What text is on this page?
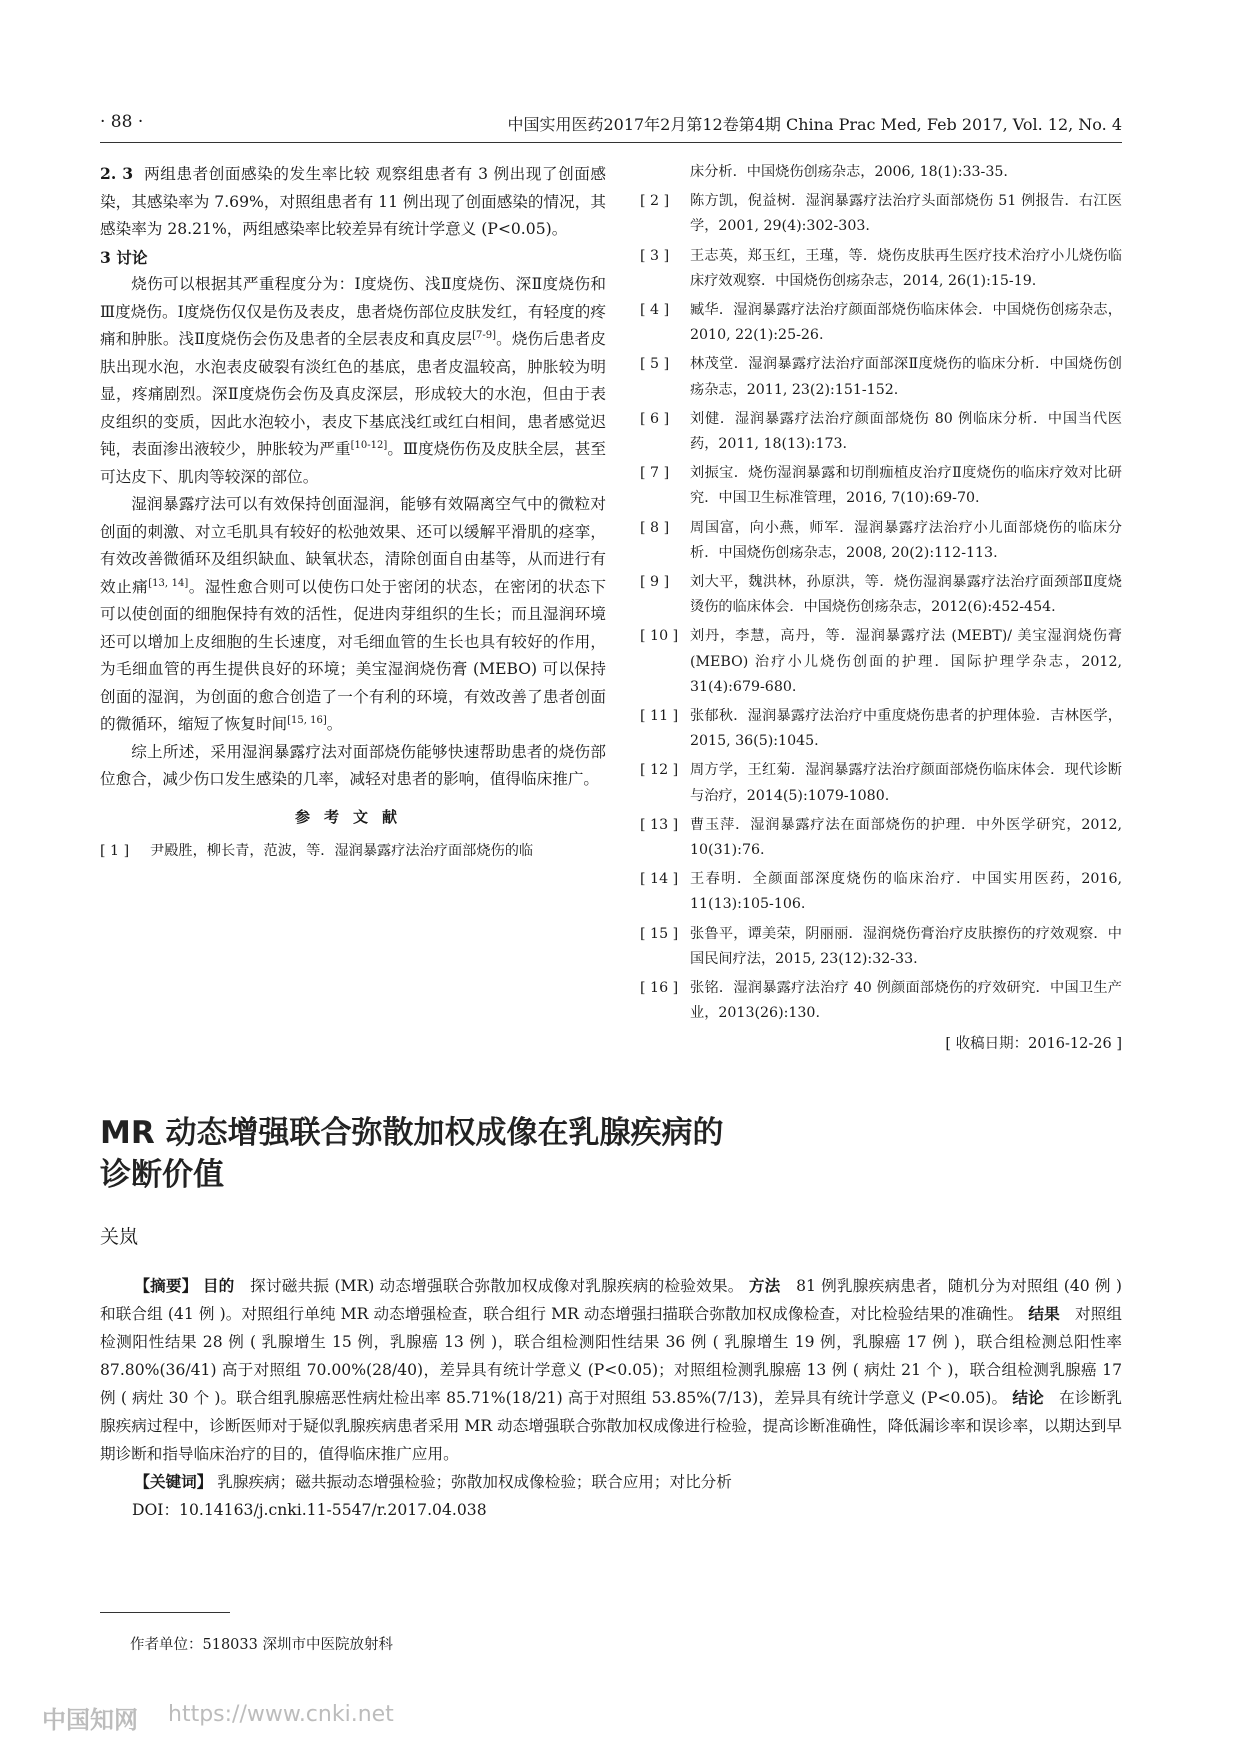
· 88 ·	中国实用医药2017年2月第12卷第4期 China Prac Med, Feb 2017, Vol. 12, No. 4

2. 3 两组患者创面感染的发生率比较 观察组患者有 3 例出现了创面感染，其感染率为 7.69%，对照组患者有 11 例出现了创面感染的情况，其感染率为 28.21%，两组感染率比较差异有统计学意义 (P<0.05)。

3 讨论

烧伤可以根据其严重程度分为：Ⅰ度烧伤、浅Ⅱ度烧伤、深Ⅱ度烧伤和Ⅲ度烧伤。Ⅰ度烧伤仅仅是伤及表皮，患者烧伤部位皮肤发红，有轻度的疼痛和肿胀。浅Ⅱ度烧伤会伤及患者的全层表皮和真皮层[7-9]。烧伤后患者皮肤出现水泡，水泡表皮破裂有淡红色的基底，患者皮温较高，肿胀较为明显，疼痛剧烈。深Ⅱ度烧伤会伤及真皮深层，形成较大的水泡，但由于表皮组织的变质，因此水泡较小，表皮下基底浅红或红白相间，患者感觉迟钝，表面渗出液较少，肿胀较为严重[10-12]。Ⅲ度烧伤伤及皮肤全层，甚至可达皮下、肌肉等较深的部位。

湿润暴露疗法可以有效保持创面湿润，能够有效隔离空气中的微粒对创面的刺激、对立毛肌具有较好的松弛效果、还可以缓解平滑肌的痉挛，有效改善微循环及组织缺血、缺氧状态，清除创面自由基等，从而进行有效止痛[13, 14]。湿性愈合则可以使伤口处于密闭的状态，在密闭的状态下可以使创面的细胞保持有效的活性，促进肉芽组织的生长；而且湿润环境还可以增加上皮细胞的生长速度，对毛细血管的生长也具有较好的作用，为毛细血管的再生提供良好的环境；美宝湿润烧伤膏 (MEBO) 可以保持创面的湿润，为创面的愈合创造了一个有利的环境，有效改善了患者创面的微循环，缩短了恢复时间[15, 16]。

综上所述，采用湿润暴露疗法对面部烧伤能够快速帮助患者的烧伤部位愈合，减少伤口发生感染的几率，减轻对患者的影响，值得临床推广。

参考文献

[ 1 ]	尹殿胜，柳长青，范波，等．湿润暴露疗法治疗面部烧伤的临

床分析．中国烧伤创疡杂志，2006, 18(1):33-35.

[ 2 ]	陈方凯，倪益树．湿润暴露疗法治疗头面部烧伤 51 例报告．右江医学，2001, 29(4):302-303.

[ 3 ]	王志英，郑玉红，王瑾，等．烧伤皮肤再生医疗技术治疗小儿烧伤临床疗效观察．中国烧伤创疡杂志，2014, 26(1):15-19.

[ 4 ]	臧华．湿润暴露疗法治疗颜面部烧伤临床体会．中国烧伤创疡杂志，2010, 22(1):25-26.

[ 5 ]	林茂堂．湿润暴露疗法治疗面部深Ⅱ度烧伤的临床分析．中国烧伤创疡杂志，2011, 23(2):151-152.

[ 6 ]	刘健．湿润暴露疗法治疗颜面部烧伤 80 例临床分析．中国当代医药，2011, 18(13):173.

[ 7 ]	刘振宝．烧伤湿润暴露和切削痂植皮治疗Ⅱ度烧伤的临床疗效对比研究．中国卫生标准管理，2016, 7(10):69-70.

[ 8 ]	周国富，向小燕，师军．湿润暴露疗法治疗小儿面部烧伤的临床分析．中国烧伤创疡杂志，2008, 20(2):112-113.

[ 9 ]	刘大平，魏洪林，孙原洪，等．烧伤湿润暴露疗法治疗面颈部Ⅱ度烧烫伤的临床体会．中国烧伤创疡杂志，2012(6):452-454.

[ 10 ] 刘丹，李慧，高丹，等．湿润暴露疗法 (MEBT)/ 美宝湿润烧伤膏 (MEBO) 治疗小儿烧伤创面的护理．国际护理学杂志，2012, 31(4):679-680.

[ 11 ] 张郁秋．湿润暴露疗法治疗中重度烧伤患者的护理体验．吉林医学，2015, 36(5):1045.

[ 12 ] 周方学，王红菊．湿润暴露疗法治疗颜面部烧伤临床体会．现代诊断与治疗，2014(5):1079-1080.

[ 13 ] 曹玉萍．湿润暴露疗法在面部烧伤的护理．中外医学研究，2012, 10(31):76.

[ 14 ] 王春明．全颜面部深度烧伤的临床治疗．中国实用医药，2016, 11(13):105-106.

[ 15 ] 张鲁平，谭美荣，阴丽丽．湿润烧伤膏治疗皮肤擦伤的疗效观察．中国民间疗法，2015, 23(12):32-33.

[ 16 ] 张铭．湿润暴露疗法治疗 40 例颜面部烧伤的疗效研究．中国卫生产业，2013(26):130.

[ 收稿日期：2016-12-26 ]

MR 动态增强联合弥散加权成像在乳腺疾病的
诊断价值
关岚

【摘要】 目的 探讨磁共振 (MR) 动态增强联合弥散加权成像对乳腺疾病的检验效果。 方法 81 例乳腺疾病患者，随机分为对照组 (40 例 ) 和联合组 (41 例 )。对照组行单纯 MR 动态增强检查，联合组行 MR 动态增强扫描联合弥散加权成像检查，对比检验结果的准确性。 结果 对照组检测阳性结果 28 例 ( 乳腺增生 15 例，乳腺癌 13 例 )，联合组检测阳性结果 36 例 ( 乳腺增生 19 例，乳腺癌 17 例 )，联合组检测总阳性率 87.80%(36/41) 高于对照组 70.00%(28/40)，差异具有统计学意义 (P<0.05)；对照组检测乳腺癌 13 例 ( 病灶 21 个 )，联合组检测乳腺癌 17 例 ( 病灶 30 个 )。联合组乳腺癌恶性病灶检出率 85.71%(18/21) 高于对照组 53.85%(7/13)，差异具有统计学意义 (P<0.05)。 结论 在诊断乳腺疾病过程中，诊断医师对于疑似乳腺疾病患者采用 MR 动态增强联合弥散加权成像进行检验，提高诊断准确性，降低漏诊率和误诊率，以期达到早期诊断和指导临床治疗的目的，值得临床推广应用。

【关键词】 乳腺疾病；磁共振动态增强检验；弥散加权成像检验；联合应用；对比分析

DOI：10.14163/j.cnki.11-5547/r.2017.04.038

作者单位：518033 深圳市中医院放射科
中国知网 https://www.cnki.net
